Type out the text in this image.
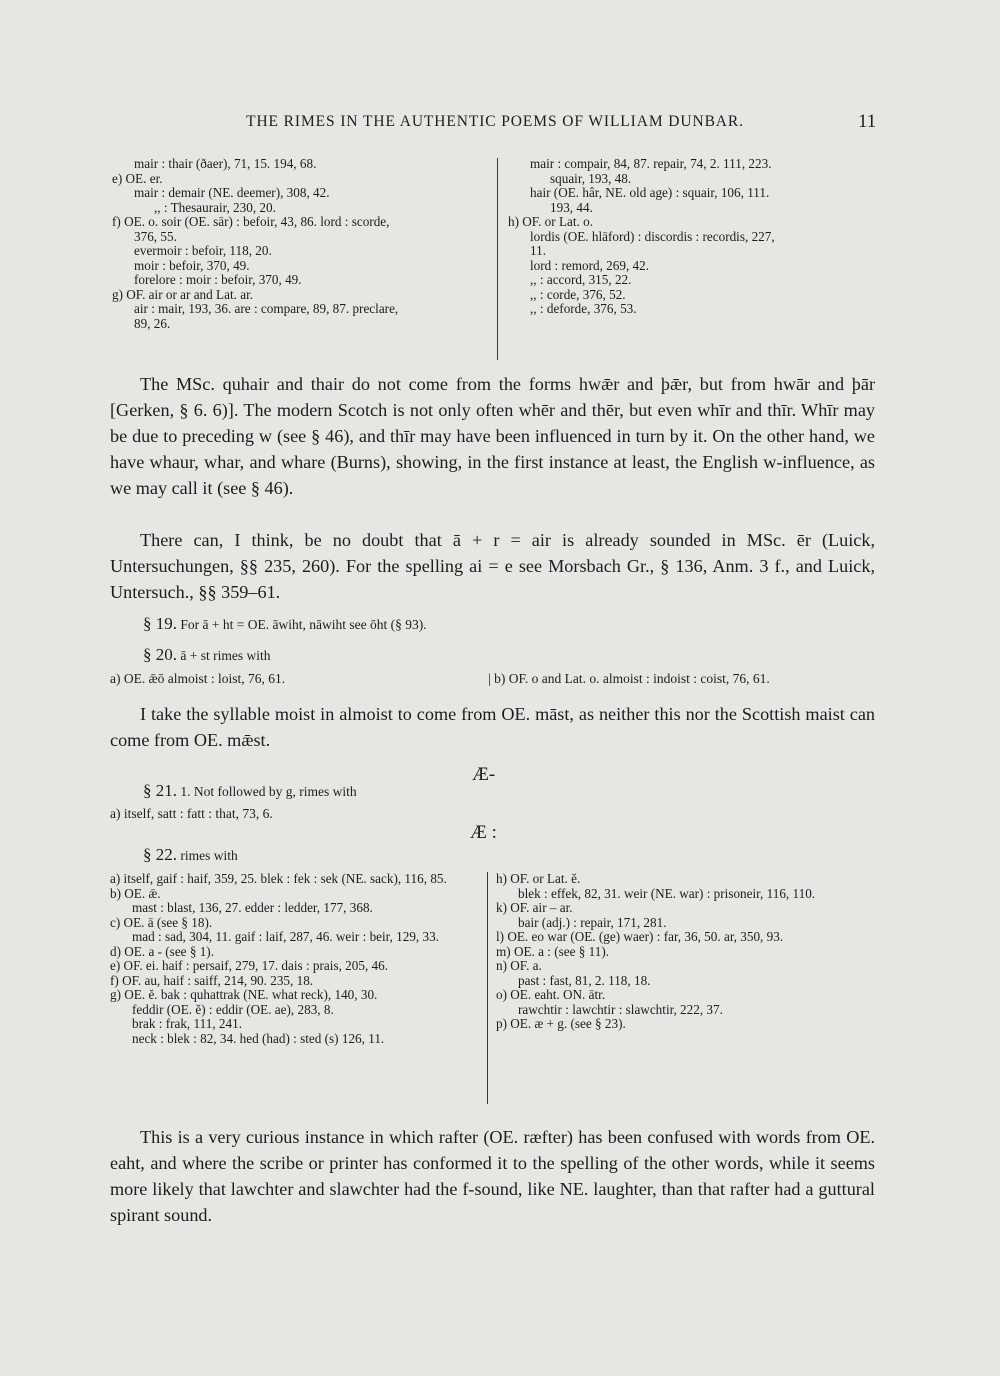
THE RIMES IN THE AUTHENTIC POEMS OF WILLIAM DUNBAR.	11
mair : thair (ðaer), 71, 15. 194, 68.
e) OE. er.
mair : demair (NE. deemer), 308, 42.
,, : Thesaurair, 230, 20.
f) OE. o. soir (OE. sār) : befoir, 43, 86. lord : scorde,
376, 55.
evermoir : befoir, 118, 20.
moir : befoir, 370, 49.
forelore : moir : befoir, 370, 49.
g) OF. air or ar and Lat. ar.
air : mair, 193, 36. are : compare, 89, 87. preclare,
89, 26.
mair : compair, 84, 87. repair, 74, 2. 111, 223.
squair, 193, 48.
hair (OE. hâr, NE. old age) : squair, 106, 111.
193, 44.
h) OF. or Lat. o.
lordis (OE. hlāford) : discordis : recordis, 227,
11.
lord : remord, 269, 42.
,, : accord, 315, 22.
,, : corde, 376, 52.
,, : deforde, 376, 53.
The MSc. quhair and thair do not come from the forms hwǣr and þǣr, but from hwār and þār [Gerken, § 6. 6)]. The modern Scotch is not only often whēr and thēr, but even whīr and thīr. Whīr may be due to preceding w (see § 46), and thīr may have been influenced in turn by it. On the other hand, we have whaur, whar, and whare (Burns), showing, in the first instance at least, the English w-influence, as we may call it (see § 46).
There can, I think, be no doubt that ā + r = air is already sounded in MSc. ēr (Luick, Untersuchungen, §§ 235, 260). For the spelling ai = e see Morsbach Gr., § 136, Anm. 3 f., and Luick, Untersuch., §§ 359–61.
§ 19. For ā + ht = OE. āwiht, nāwiht see ōht (§ 93).
§ 20. ā + st rimes with
a) OE. ǣō almoist : loist, 76, 61.	| b) OF. o and Lat. o. almoist : indoist : coist, 76, 61.
I take the syllable moist in almoist to come from OE. māst, as neither this nor the Scottish maist can come from OE. mǣst.
Æ-
§ 21. 1. Not followed by g, rimes with
a) itself, satt : fatt : that, 73, 6.
Æ :
§ 22. rimes with
a) itself, gaif : haif, 359, 25. blek : fek : sek (NE. sack), 116, 85.
b) OE. ǣ.
mast : blast, 136, 27. edder : ledder, 177, 368.
c) OE. ā (see § 18).
mad : sad, 304, 11. gaif : laif, 287, 46. weir : beir, 129, 33.
d) OE. a - (see § 1).
e) OF. ei. haif : persaif, 279, 17. dais : prais, 205, 46.
f) OF. au, haif : saiff, 214, 90. 235, 18.
g) OE. ĕ. bak : quhattrak (NE. what reck), 140, 30.
feddir (OE. ĕ) : eddir (OE. ae), 283, 8.
brak : frak, 111, 241.
neck : blek : 82, 34. hed (had) : sted (s) 126, 11.
h) OF. or Lat. ĕ.
blek : effek, 82, 31. weir (NE. war) : prisoneir, 116, 110.
k) OF. air – ar.
bair (adj.) : repair, 171, 281.
l) OE. eo war (OE. (ge) waer) : far, 36, 50. ar, 350, 93.
m) OE. a : (see § 11).
n) OF. a.
past : fast, 81, 2. 118, 18.
o) OE. eaht. ON. ātr.
rawchtir : lawchtir : slawchtir, 222, 37.
p) OE. æ + g. (see § 23).
This is a very curious instance in which rafter (OE. ræfter) has been confused with words from OE. eaht, and where the scribe or printer has conformed it to the spelling of the other words, while it seems more likely that lawchter and slawchter had the f-sound, like NE. laughter, than that rafter had a guttural spirant sound.
